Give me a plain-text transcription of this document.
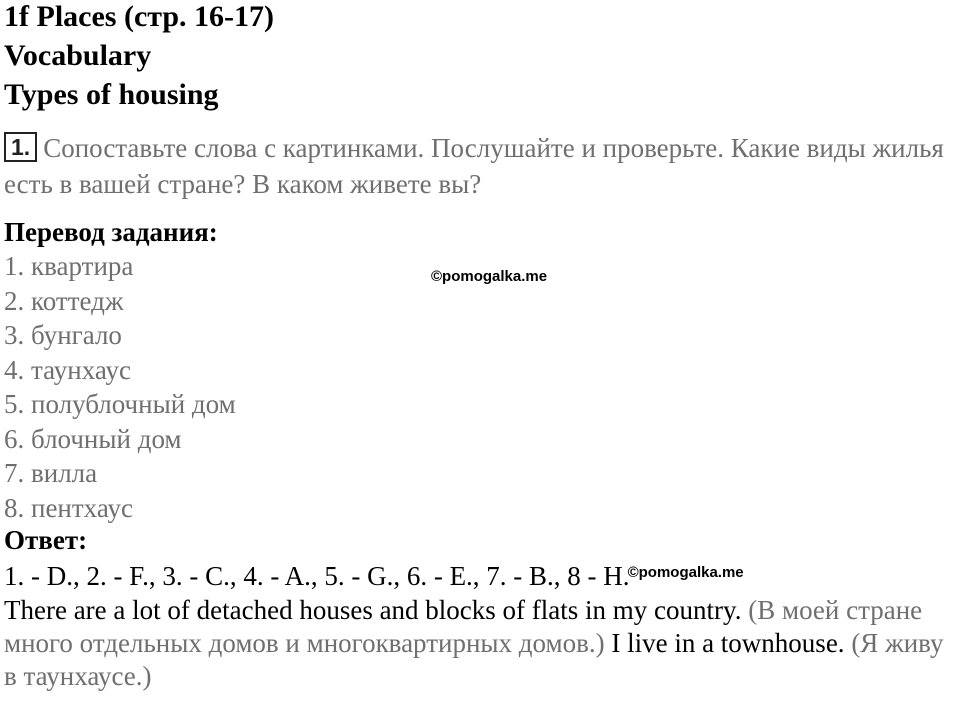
1f Places (стр. 16-17)
Vocabulary
Types of housing
1. Сопоставьте слова с картинками. Послушайте и проверьте. Какие виды жилья есть в вашей стране? В каком живете вы?
Перевод задания:
1. квартира
2. коттедж
3. бунгало
4. таунхаус
5. полублочный дом
6. блочный дом
7. вилла
8. пентхаус
Ответ:
1. - D., 2. - F., 3. - C., 4. - A., 5. - G., 6. - E., 7. - B., 8 - H.©pomogalka.me
There are a lot of detached houses and blocks of flats in my country. (В моей стране много отдельных домов и многоквартирных домов.) I live in a townhouse. (Я живу в таунхаусе.)
©pomogalka.me
